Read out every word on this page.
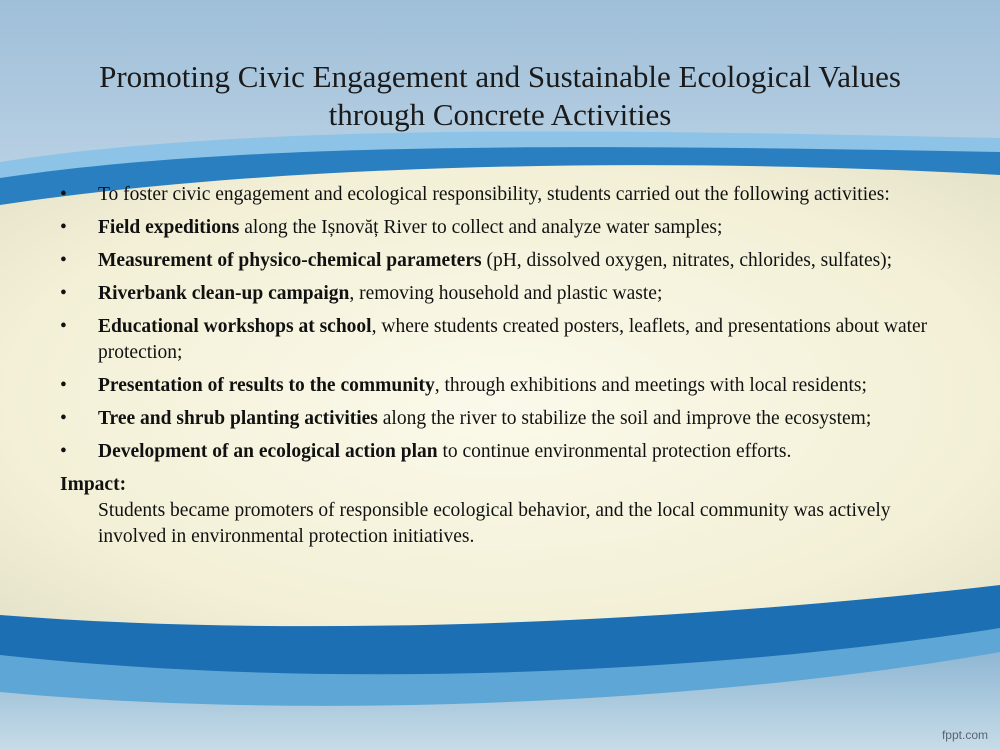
Promoting Civic Engagement and Sustainable Ecological Values
through Concrete Activities
• To foster civic engagement and ecological responsibility, students carried out the following activities:
• Field expeditions along the Ișnovăț River to collect and analyze water samples;
• Measurement of physico-chemical parameters (pH, dissolved oxygen, nitrates, chlorides, sulfates);
• Riverbank clean-up campaign, removing household and plastic waste;
• Educational workshops at school, where students created posters, leaflets, and presentations about water protection;
• Presentation of results to the community, through exhibitions and meetings with local residents;
• Tree and shrub planting activities along the river to stabilize the soil and improve the ecosystem;
• Development of an ecological action plan to continue environmental protection efforts.
Impact:
Students became promoters of responsible ecological behavior, and the local community was actively involved in environmental protection initiatives.
fppt.com
